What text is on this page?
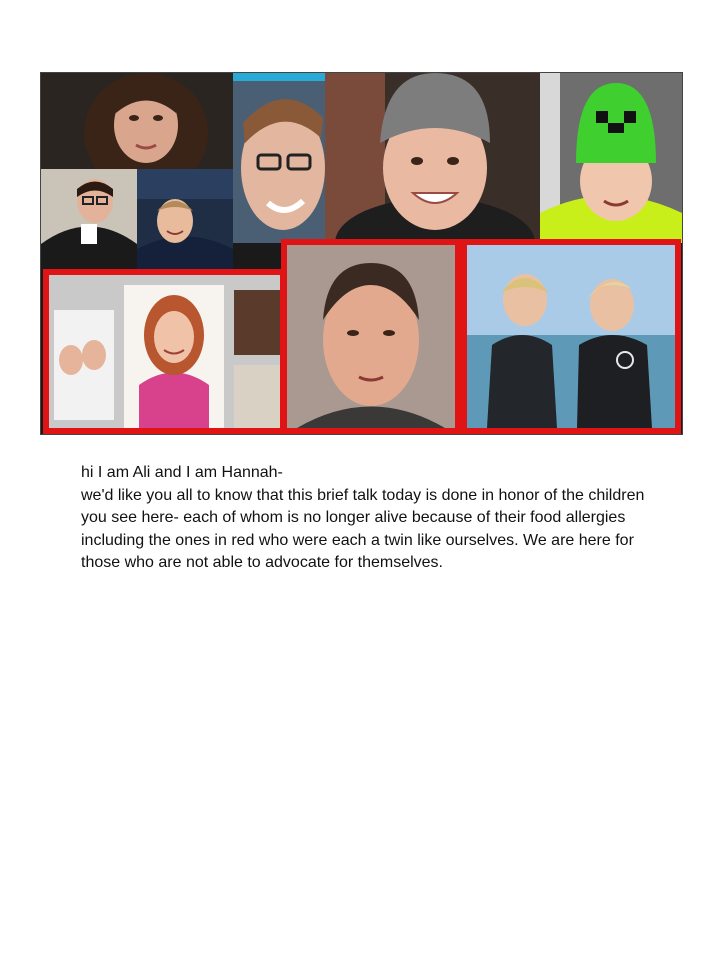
hi I am Ali and I am Hannah-

we'd like you all to know that this brief talk today is done in honor of the children you see here- each of whom is no longer alive because of their food allergies including the ones in red who were each a twin like ourselves. We are here for those who are not able to advocate for themselves.
